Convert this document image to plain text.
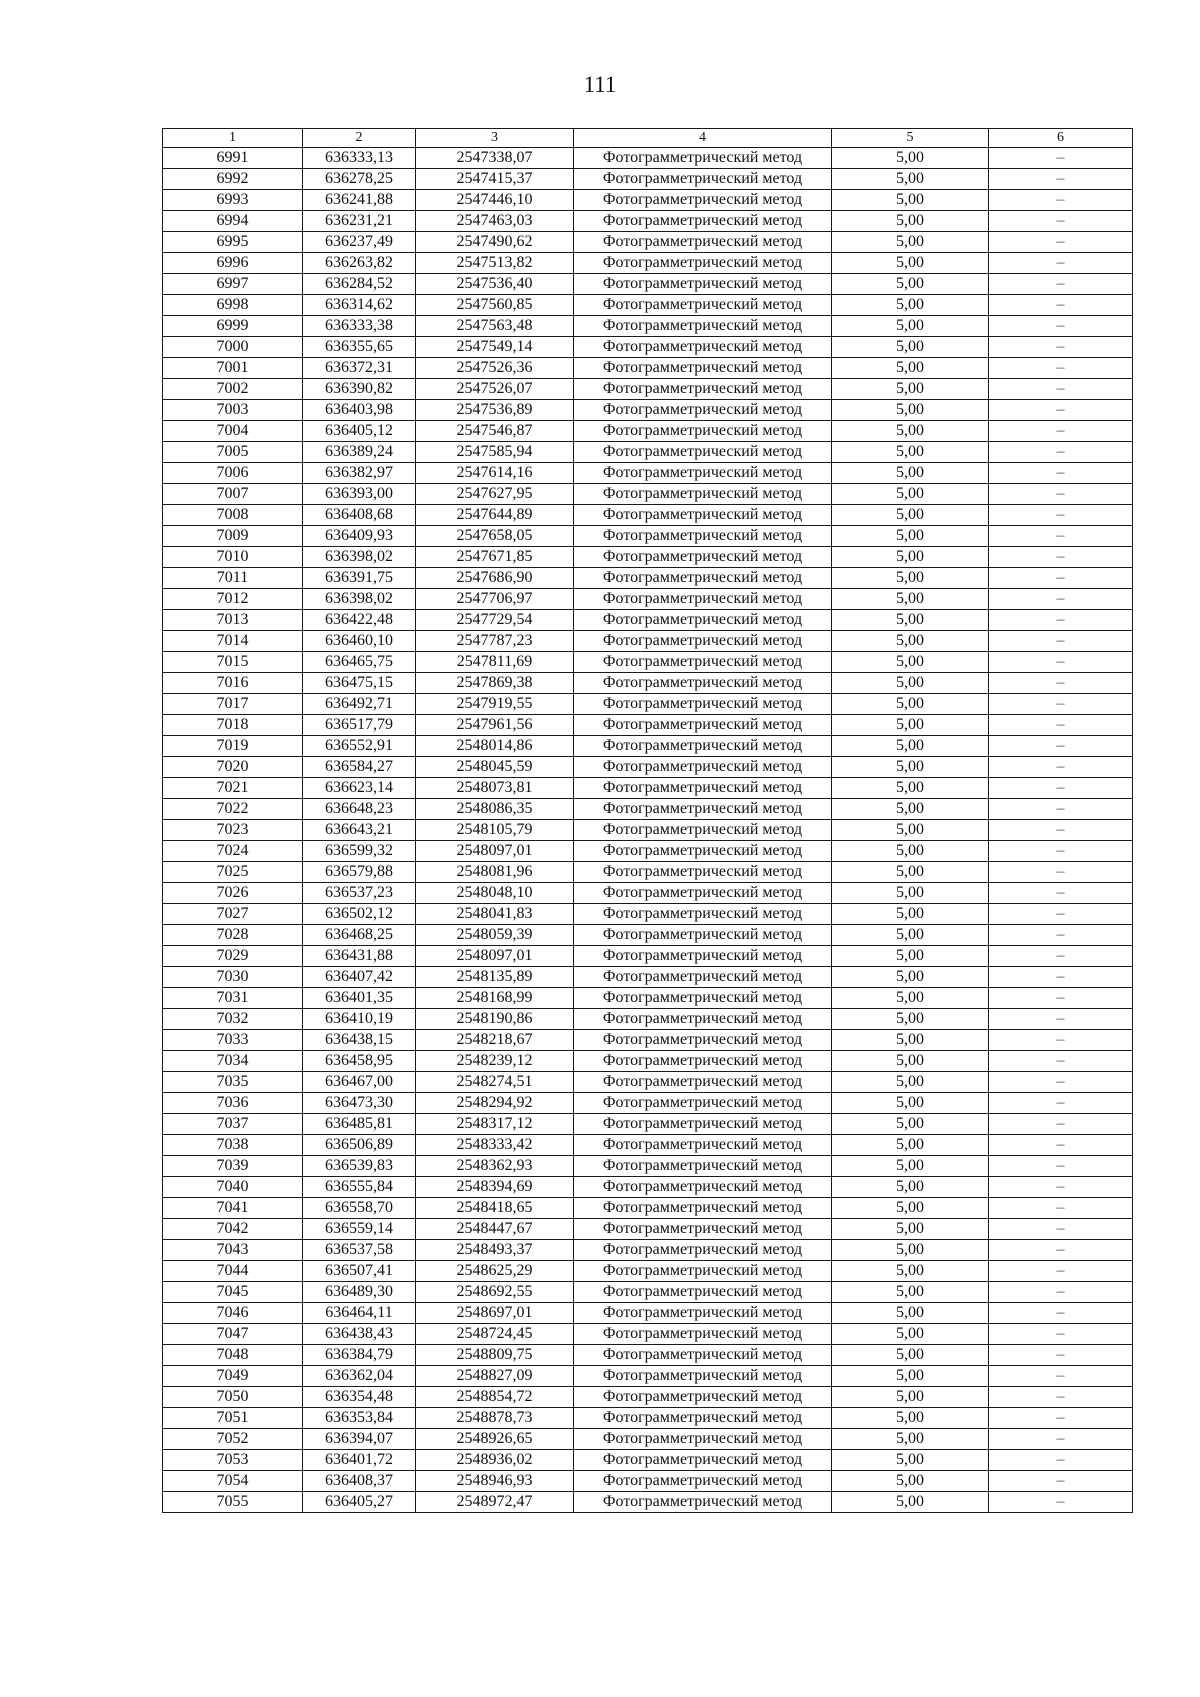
111
1	2	3	4	5	6
6991	636333,13	2547338,07	Фотограмметрический метод	5,00	–
6992	636278,25	2547415,37	Фотограмметрический метод	5,00	–
6993	636241,88	2547446,10	Фотограмметрический метод	5,00	–
6994	636231,21	2547463,03	Фотограмметрический метод	5,00	–
6995	636237,49	2547490,62	Фотограмметрический метод	5,00	–
6996	636263,82	2547513,82	Фотограмметрический метод	5,00	–
6997	636284,52	2547536,40	Фотограмметрический метод	5,00	–
6998	636314,62	2547560,85	Фотограмметрический метод	5,00	–
6999	636333,38	2547563,48	Фотограмметрический метод	5,00	–
7000	636355,65	2547549,14	Фотограмметрический метод	5,00	–
7001	636372,31	2547526,36	Фотограмметрический метод	5,00	–
7002	636390,82	2547526,07	Фотограмметрический метод	5,00	–
7003	636403,98	2547536,89	Фотограмметрический метод	5,00	–
7004	636405,12	2547546,87	Фотограмметрический метод	5,00	–
7005	636389,24	2547585,94	Фотограмметрический метод	5,00	–
7006	636382,97	2547614,16	Фотограмметрический метод	5,00	–
7007	636393,00	2547627,95	Фотограмметрический метод	5,00	–
7008	636408,68	2547644,89	Фотограмметрический метод	5,00	–
7009	636409,93	2547658,05	Фотограмметрический метод	5,00	–
7010	636398,02	2547671,85	Фотограмметрический метод	5,00	–
7011	636391,75	2547686,90	Фотограмметрический метод	5,00	–
7012	636398,02	2547706,97	Фотограмметрический метод	5,00	–
7013	636422,48	2547729,54	Фотограмметрический метод	5,00	–
7014	636460,10	2547787,23	Фотограмметрический метод	5,00	–
7015	636465,75	2547811,69	Фотограмметрический метод	5,00	–
7016	636475,15	2547869,38	Фотограмметрический метод	5,00	–
7017	636492,71	2547919,55	Фотограмметрический метод	5,00	–
7018	636517,79	2547961,56	Фотограмметрический метод	5,00	–
7019	636552,91	2548014,86	Фотограмметрический метод	5,00	–
7020	636584,27	2548045,59	Фотограмметрический метод	5,00	–
7021	636623,14	2548073,81	Фотограмметрический метод	5,00	–
7022	636648,23	2548086,35	Фотограмметрический метод	5,00	–
7023	636643,21	2548105,79	Фотограмметрический метод	5,00	–
7024	636599,32	2548097,01	Фотограмметрический метод	5,00	–
7025	636579,88	2548081,96	Фотограмметрический метод	5,00	–
7026	636537,23	2548048,10	Фотограмметрический метод	5,00	–
7027	636502,12	2548041,83	Фотограмметрический метод	5,00	–
7028	636468,25	2548059,39	Фотограмметрический метод	5,00	–
7029	636431,88	2548097,01	Фотограмметрический метод	5,00	–
7030	636407,42	2548135,89	Фотограмметрический метод	5,00	–
7031	636401,35	2548168,99	Фотограмметрический метод	5,00	–
7032	636410,19	2548190,86	Фотограмметрический метод	5,00	–
7033	636438,15	2548218,67	Фотограмметрический метод	5,00	–
7034	636458,95	2548239,12	Фотограмметрический метод	5,00	–
7035	636467,00	2548274,51	Фотограмметрический метод	5,00	–
7036	636473,30	2548294,92	Фотограмметрический метод	5,00	–
7037	636485,81	2548317,12	Фотограмметрический метод	5,00	–
7038	636506,89	2548333,42	Фотограмметрический метод	5,00	–
7039	636539,83	2548362,93	Фотограмметрический метод	5,00	–
7040	636555,84	2548394,69	Фотограмметрический метод	5,00	–
7041	636558,70	2548418,65	Фотограмметрический метод	5,00	–
7042	636559,14	2548447,67	Фотограмметрический метод	5,00	–
7043	636537,58	2548493,37	Фотограмметрический метод	5,00	–
7044	636507,41	2548625,29	Фотограмметрический метод	5,00	–
7045	636489,30	2548692,55	Фотограмметрический метод	5,00	–
7046	636464,11	2548697,01	Фотограмметрический метод	5,00	–
7047	636438,43	2548724,45	Фотограмметрический метод	5,00	–
7048	636384,79	2548809,75	Фотограмметрический метод	5,00	–
7049	636362,04	2548827,09	Фотограмметрический метод	5,00	–
7050	636354,48	2548854,72	Фотограмметрический метод	5,00	–
7051	636353,84	2548878,73	Фотограмметрический метод	5,00	–
7052	636394,07	2548926,65	Фотограмметрический метод	5,00	–
7053	636401,72	2548936,02	Фотограмметрический метод	5,00	–
7054	636408,37	2548946,93	Фотограмметрический метод	5,00	–
7055	636405,27	2548972,47	Фотограмметрический метод	5,00	–
